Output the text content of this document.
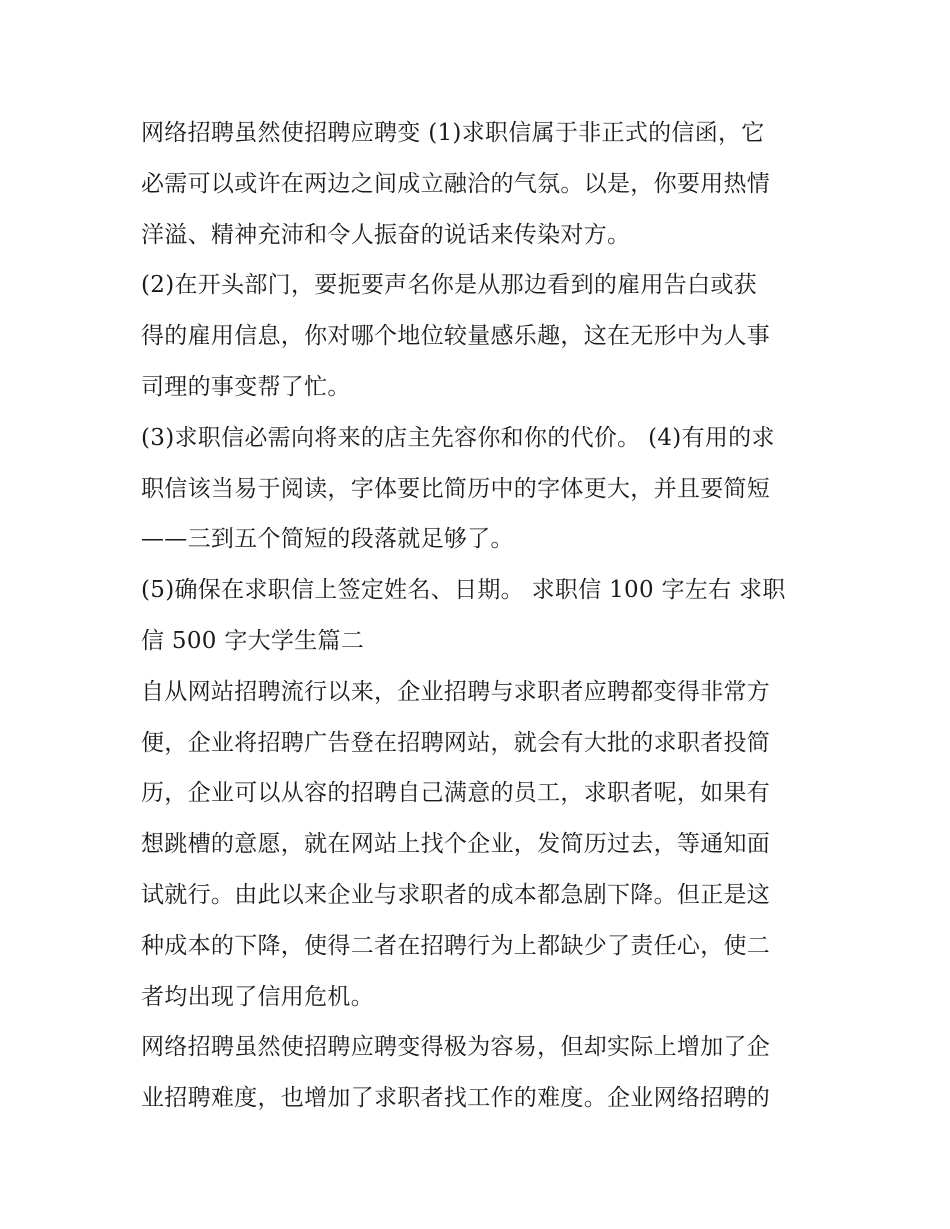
网络招聘虽然使招聘应聘变 (1)求职信属于非正式的信函，它
必需可以或许在两边之间成立融洽的气氛。以是，你要用热情
洋溢、精神充沛和令人振奋的说话来传染对方。
(2)在开头部门，要扼要声名你是从那边看到的雇用告白或获
得的雇用信息，你对哪个地位较量感乐趣，这在无形中为人事
司理的事变帮了忙。
(3)求职信必需向将来的店主先容你和你的代价。 (4)有用的求
职信该当易于阅读，字体要比简历中的字体更大，并且要简短
——三到五个简短的段落就足够了。
(5)确保在求职信上签定姓名、日期。 求职信 100 字左右 求职
信 500 字大学生篇二
自从网站招聘流行以来，企业招聘与求职者应聘都变得非常方
便，企业将招聘广告登在招聘网站，就会有大批的求职者投简
历，企业可以从容的招聘自己满意的员工，求职者呢，如果有
想跳槽的意愿，就在网站上找个企业，发简历过去，等通知面
试就行。由此以来企业与求职者的成本都急剧下降。但正是这
种成本的下降，使得二者在招聘行为上都缺少了责任心，使二
者均出现了信用危机。
网络招聘虽然使招聘应聘变得极为容易，但却实际上增加了企
业招聘难度，也增加了求职者找工作的难度。企业网络招聘的
